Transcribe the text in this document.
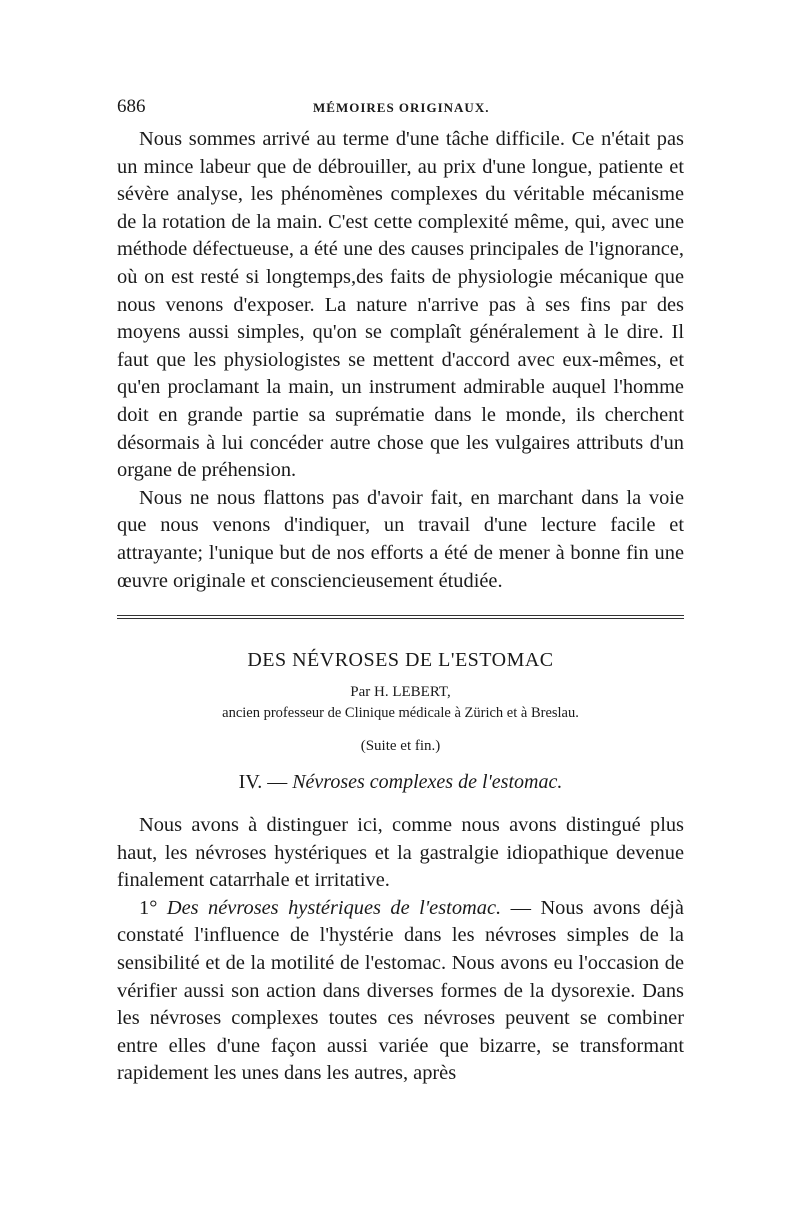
686	MÉMOIRES ORIGINAUX.

Nous sommes arrivé au terme d'une tâche difficile. Ce n'était pas un mince labeur que de débrouiller, au prix d'une longue, patiente et sévère analyse, les phénomènes complexes du véritable mécanisme de la rotation de la main. C'est cette complexité même, qui, avec une méthode défectueuse, a été une des causes principales de l'ignorance, où on est resté si longtemps,des faits de physiologie mécanique que nous venons d'exposer. La nature n'arrive pas à ses fins par des moyens aussi simples, qu'on se complaît généralement à le dire. Il faut que les physiologistes se mettent d'accord avec eux-mêmes, et qu'en proclamant la main, un instrument admirable auquel l'homme doit en grande partie sa suprématie dans le monde, ils cherchent désormais à lui concéder autre chose que les vulgaires attributs d'un organe de préhension.

Nous ne nous flattons pas d'avoir fait, en marchant dans la voie que nous venons d'indiquer, un travail d'une lecture facile et attrayante; l'unique but de nos efforts a été de mener à bonne fin une œuvre originale et consciencieusement étudiée.

DES NÉVROSES DE L'ESTOMAC
Par H. LEBERT,
ancien professeur de Clinique médicale à Zürich et à Breslau.
(Suite et fin.)
IV. — Névroses complexes de l'estomac.

Nous avons à distinguer ici, comme nous avons distingué plus haut, les névroses hystériques et la gastralgie idiopathique devenue finalement catarrhale et irritative.

1° Des névroses hystériques de l'estomac. — Nous avons déjà constaté l'influence de l'hystérie dans les névroses simples de la sensibilité et de la motilité de l'estomac. Nous avons eu l'occasion de vérifier aussi son action dans diverses formes de la dysorexie. Dans les névroses complexes toutes ces névroses peuvent se combiner entre elles d'une façon aussi variée que bizarre, se transformant rapidement les unes dans les autres, après
